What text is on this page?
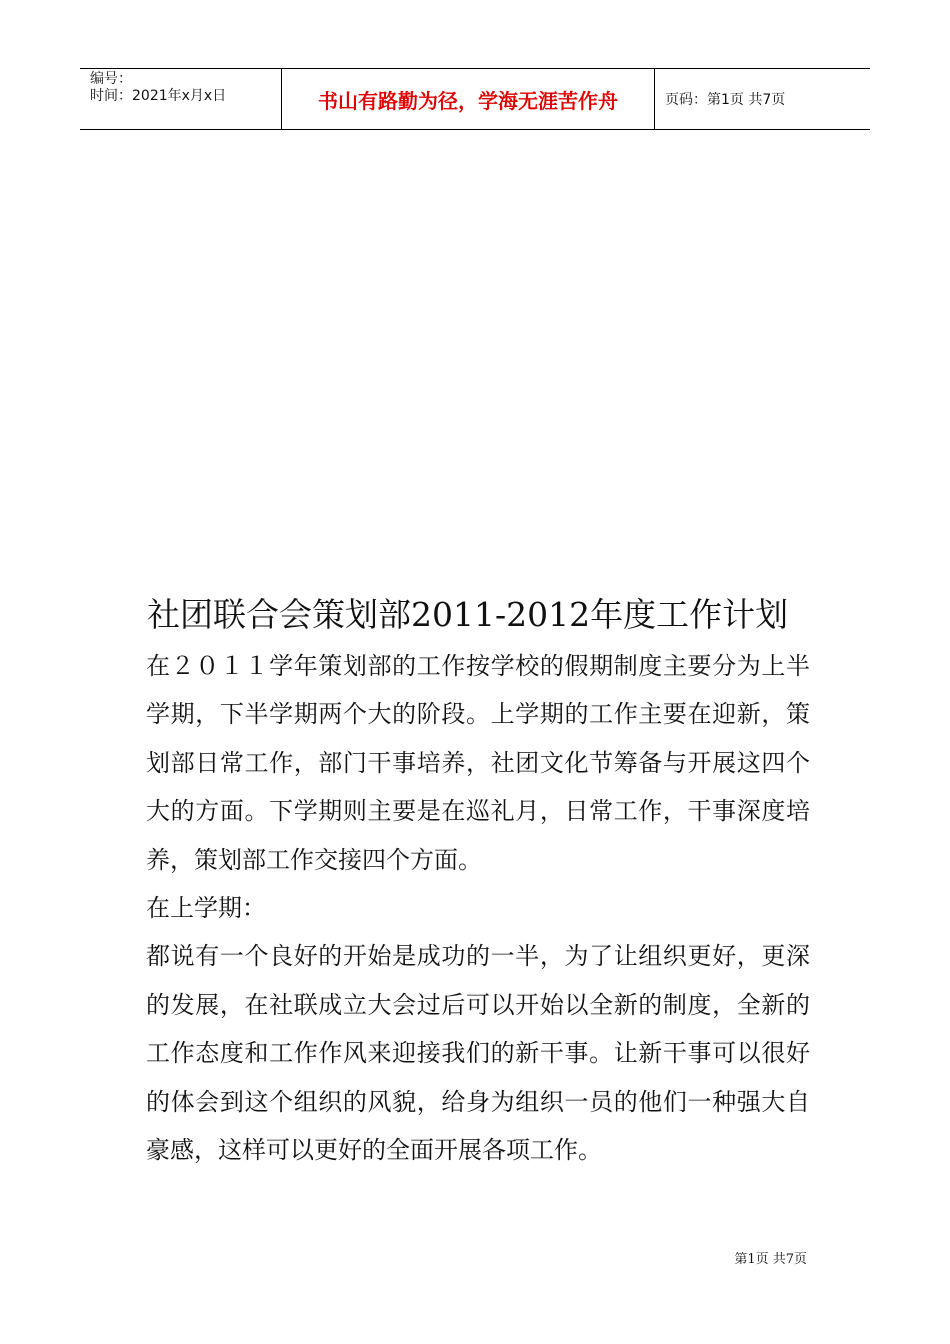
编号：
时间：2021年x月x日	书山有路勤为径，学海无涯苦作舟	页码：第1页 共7页
社团联合会策划部2011-2012年度工作计划

在２０１１学年策划部的工作按学校的假期制度主要分为上半学期，下半学期两个大的阶段。上学期的工作主要在迎新，策划部日常工作，部门干事培养，社团文化节筹备与开展这四个大的方面。下学期则主要是在巡礼月，日常工作，干事深度培养，策划部工作交接四个方面。

在上学期：

都说有一个良好的开始是成功的一半，为了让组织更好，更深的发展，在社联成立大会过后可以开始以全新的制度，全新的工作态度和工作作风来迎接我们的新干事。让新干事可以很好的体会到这个组织的风貌，给身为组织一员的他们一种强大自豪感，这样可以更好的全面开展各项工作。

第1页 共7页
